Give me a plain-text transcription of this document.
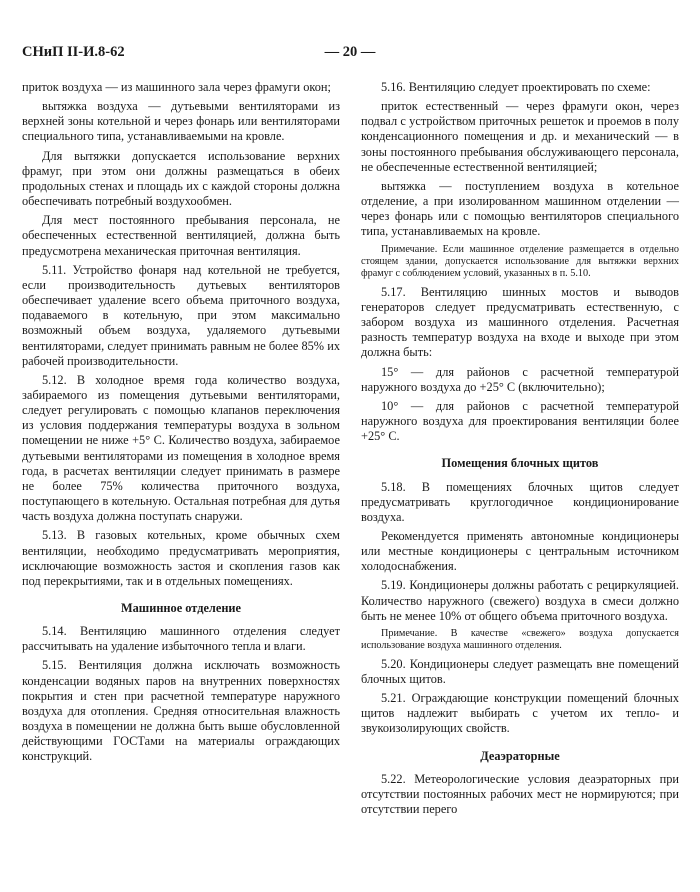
СНиП II-И.8-62	— 20 —

приток воздуха — из машинного зала через фрамуги окон;

вытяжка воздуха — дутьевыми вентиляторами из верхней зоны котельной и через фонарь или вентиляторами специального типа, устанавливаемыми на кровле.

Для вытяжки допускается использование верхних фрамуг, при этом они должны размещаться в обеих продольных стенах и площадь их с каждой стороны должна обеспечивать потребный воздухообмен.

Для мест постоянного пребывания персонала, не обеспеченных естественной вентиляцией, должна быть предусмотрена механическая приточная вентиляция.

5.11. Устройство фонаря над котельной не требуется, если производительность дутьевых вентиляторов обеспечивает удаление всего объема приточного воздуха, подаваемого в котельную, при этом максимально возможный объем воздуха, удаляемого дутьевыми вентиляторами, следует принимать равным не более 85% их рабочей производительности.

5.12. В холодное время года количество воздуха, забираемого из помещения дутьевыми вентиляторами, следует регулировать с помощью клапанов переключения из условия поддержания температуры воздуха в зольном помещении не ниже +5° С. Количество воздуха, забираемое дутьевыми вентиляторами из помещения в холодное время года, в расчетах вентиляции следует принимать в размере не более 75% количества приточного воздуха, поступающего в котельную. Остальная потребная для дутья часть воздуха должна поступать снаружи.

5.13. В газовых котельных, кроме обычных схем вентиляции, необходимо предусматривать мероприятия, исключающие возможность застоя и скопления газов как под перекрытиями, так и в отдельных помещениях.

Машинное отделение

5.14. Вентиляцию машинного отделения следует рассчитывать на удаление избыточного тепла и влаги.

5.15. Вентиляция должна исключать возможность конденсации водяных паров на внутренних поверхностях покрытия и стен при расчетной температуре наружного воздуха для отопления. Средняя относительная влажность воздуха в помещении не должна быть выше обусловленной действующими ГОСТами на материалы ограждающих конструкций.

5.16. Вентиляцию следует проектировать по схеме:

приток естественный — через фрамуги окон, через подвал с устройством приточных решеток и проемов в полу конденсационного помещения и др. и механический — в зоны постоянного пребывания обслуживающего персонала, не обеспеченные естественной вентиляцией;

вытяжка — поступлением воздуха в котельное отделение, а при изолированном машинном отделении — через фонарь или с помощью вентиляторов специального типа, устанавливаемых на кровле.

Примечание. Если машинное отделение размещается в отдельно стоящем здании, допускается использование для вытяжки верхних фрамуг с соблюдением условий, указанных в п. 5.10.

5.17. Вентиляцию шинных мостов и выводов генераторов следует предусматривать естественную, с забором воздуха из машинного отделения. Расчетная разность температур воздуха на входе и выходе при этом должна быть:

15° — для районов с расчетной температурой наружного воздуха до +25° С (включительно);

10° — для районов с расчетной температурой наружного воздуха для проектирования вентиляции более +25° С.

Помещения блочных щитов

5.18. В помещениях блочных щитов следует предусматривать круглогодичное кондиционирование воздуха.

Рекомендуется применять автономные кондиционеры или местные кондиционеры с центральным источником холодоснабжения.

5.19. Кондиционеры должны работать с рециркуляцией. Количество наружного (свежего) воздуха в смеси должно быть не менее 10% от общего объема приточного воздуха.

Примечание. В качестве «свежего» воздуха допускается использование воздуха машинного отделения.

5.20. Кондиционеры следует размещать вне помещений блочных щитов.

5.21. Ограждающие конструкции помещений блочных щитов надлежит выбирать с учетом их тепло- и звукоизолирующих свойств.

Деаэраторные

5.22. Метеорологические условия деаэраторных при отсутствии постоянных рабочих мест не нормируются; при отсутствии перего
